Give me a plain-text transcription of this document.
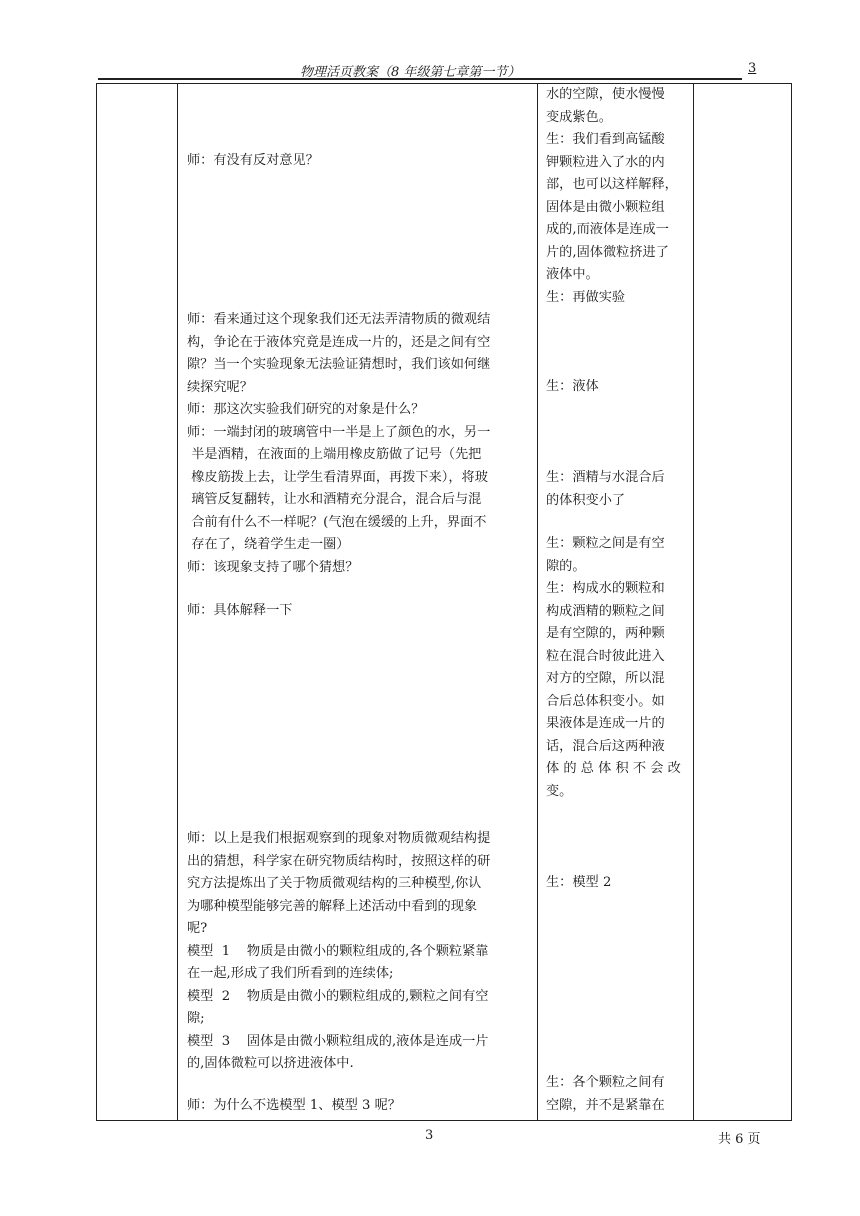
物理活页教案（8 年级第七章第一节）	3
师：有没有反对意见？
师：看来通过这个现象我们还无法弄清物质的微观结
构，争论在于液体究竟是连成一片的，还是之间有空
隙？当一个实验现象无法验证猜想时，我们该如何继
续探究呢？
师：那这次实验我们研究的对象是什么？
师：一端封闭的玻璃管中一半是上了颜色的水，另一
半是酒精，在液面的上端用橡皮筋做了记号（先把
橡皮筋拨上去，让学生看清界面，再拨下来），将玻
璃管反复翻转，让水和酒精充分混合，混合后与混
合前有什么不一样呢？(气泡在缓缓的上升，界面不
存在了，绕着学生走一圈）
师：该现象支持了哪个猜想？
师：具体解释一下
师：以上是我们根据观察到的现象对物质微观结构提
出的猜想，科学家在研究物质结构时，按照这样的研
究方法提炼出了关于物质微观结构的三种模型,你认
为哪种模型能够完善的解释上述活动中看到的现象
呢?
模型  1    物质是由微小的颗粒组成的,各个颗粒紧靠
在一起,形成了我们所看到的连续体;
模型  2    物质是由微小的颗粒组成的,颗粒之间有空
隙;
模型  3    固体是由微小颗粒组成的,液体是连成一片
的,固体微粒可以挤进液体中.
师：为什么不选模型 1、模型 3 呢？
水的空隙，使水慢慢
变成紫色。
生：我们看到高锰酸
钾颗粒进入了水的内
部，也可以这样解释，
固体是由微小颗粒组
成的,而液体是连成一
片的,固体微粒挤进了
液体中。
生：再做实验
生：液体
生：酒精与水混合后
的体积变小了
生：颗粒之间是有空
隙的。
生：构成水的颗粒和
构成酒精的颗粒之间
是有空隙的，两种颗
粒在混合时彼此进入
对方的空隙，所以混
合后总体积变小。如
果液体是连成一片的
话，混合后这两种液
体 的 总 体 积 不 会 改
变。
生：模型 2
生：各个颗粒之间有
空隙，并不是紧靠在
3	共 6 页
